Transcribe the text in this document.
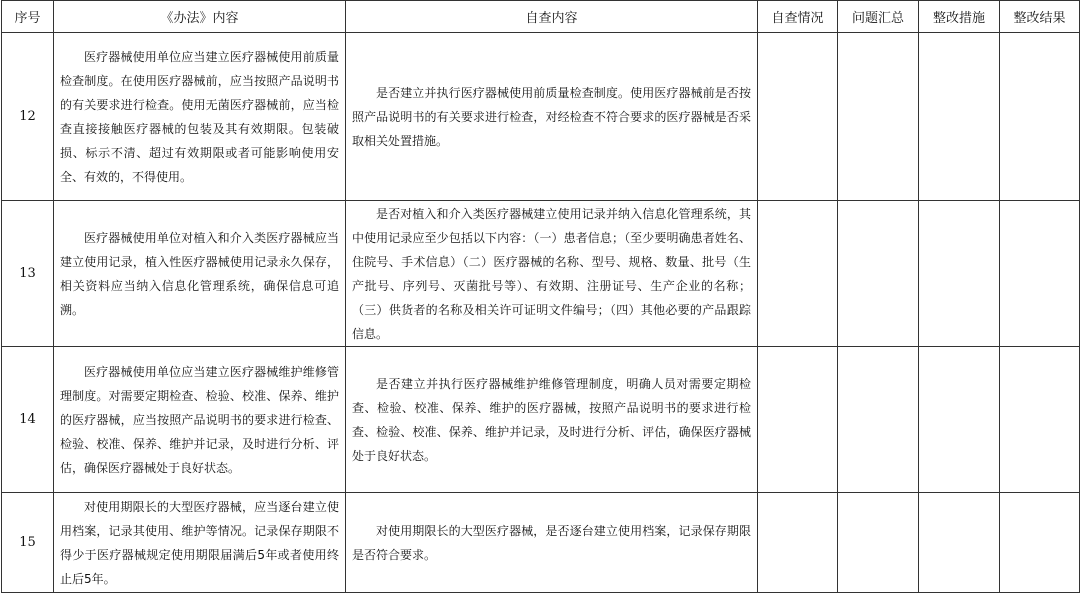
序号	《办法》内容	自查内容	自查情况	问题汇总	整改措施	整改结果
12	医疗器械使用单位应当建立医疗器械使用前质量检查制度。在使用医疗器械前，应当按照产品说明书的有关要求进行检查。使用无菌医疗器械前，应当检查直接接触医疗器械的包装及其有效期限。包装破损、标示不清、超过有效期限或者可能影响使用安全、有效的，不得使用。	是否建立并执行医疗器械使用前质量检查制度。使用医疗器械前是否按照产品说明书的有关要求进行检查，对经检查不符合要求的医疗器械是否采取相关处置措施。				

13	医疗器械使用单位对植入和介入类医疗器械应当建立使用记录，植入性医疗器械使用记录永久保存，相关资料应当纳入信息化管理系统，确保信息可追溯。	是否对植入和介入类医疗器械建立使用记录并纳入信息化管理系统，其中使用记录应至少包括以下内容：（一）患者信息；（至少要明确患者姓名、住院号、手术信息）（二）医疗器械的名称、型号、规格、数量、批号（生产批号、序列号、灭菌批号等）、有效期、注册证号、生产企业的名称；（三）供货者的名称及相关许可证明文件编号；（四）其他必要的产品跟踪信息。				

14	医疗器械使用单位应当建立医疗器械维护维修管理制度。对需要定期检查、检验、校准、保养、维护的医疗器械，应当按照产品说明书的要求进行检查、检验、校准、保养、维护并记录，及时进行分析、评估，确保医疗器械处于良好状态。	是否建立并执行医疗器械维护维修管理制度，明确人员对需要定期检查、检验、校准、保养、维护的医疗器械，按照产品说明书的要求进行检查、检验、校准、保养、维护并记录，及时进行分析、评估，确保医疗器械处于良好状态。				

15	对使用期限长的大型医疗器械，应当逐台建立使用档案，记录其使用、维护等情况。记录保存期限不得少于医疗器械规定使用期限届满后5年或者使用终止后5年。	对使用期限长的大型医疗器械，是否逐台建立使用档案，记录保存期限是否符合要求。				
